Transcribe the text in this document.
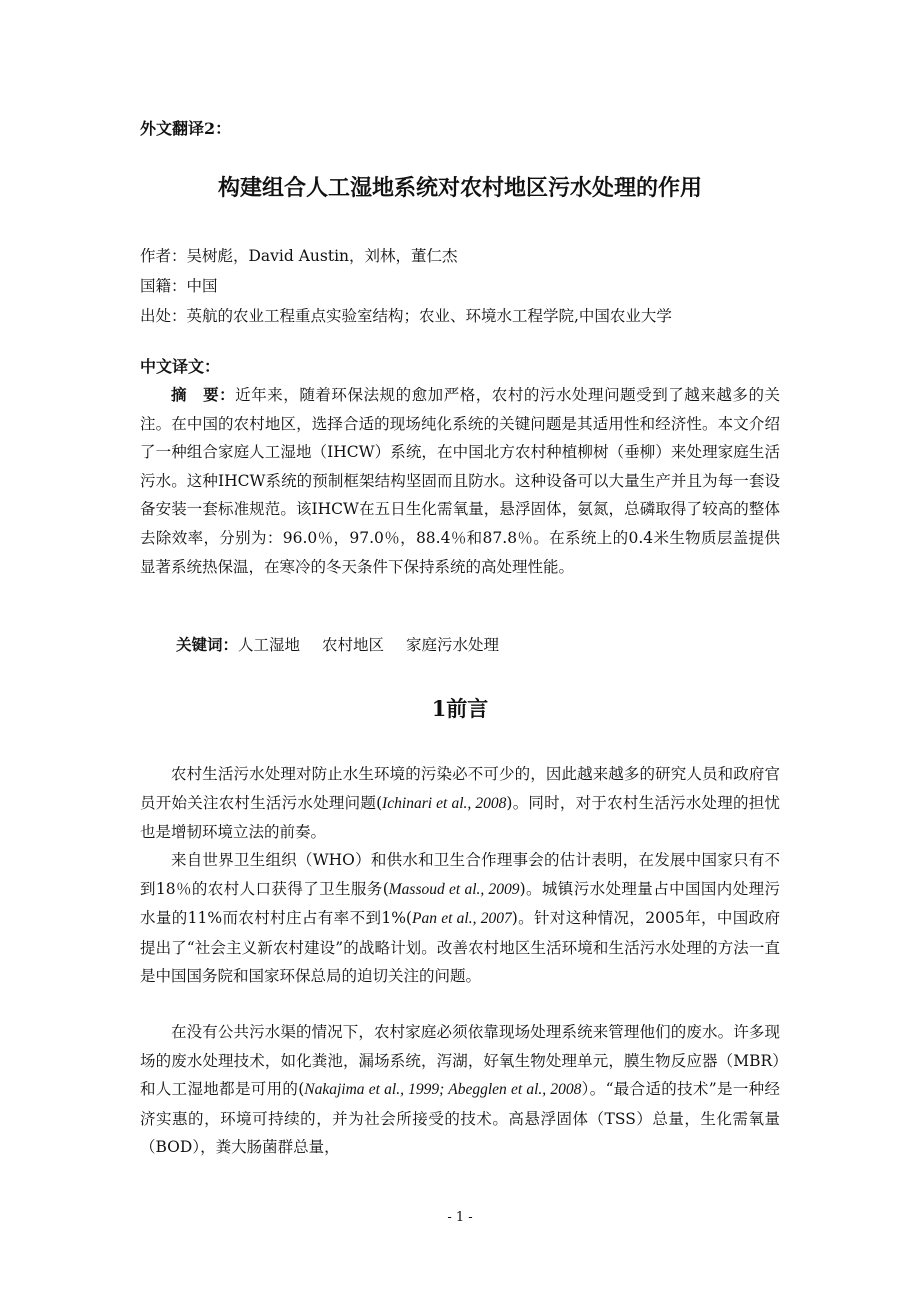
外文翻译2：
构建组合人工湿地系统对农村地区污水处理的作用
作者：吴树彪，David Austin，刘林，董仁杰
国籍：中国
出处：英航的农业工程重点实验室结构；农业、环境水工程学院,中国农业大学
中文译文：

摘　要：近年来，随着环保法规的愈加严格，农村的污水处理问题受到了越来越多的关注。在中国的农村地区，选择合适的现场纯化系统的关键问题是其适用性和经济性。本文介绍了一种组合家庭人工湿地（IHCW）系统，在中国北方农村种植柳树（垂柳）来处理家庭生活污水。这种IHCW系统的预制框架结构坚固而且防水。这种设备可以大量生产并且为每一套设备安装一套标准规范。该IHCW在五日生化需氧量，悬浮固体，氨氮，总磷取得了较高的整体去除效率，分别为：96.0％，97.0％，88.4％和87.8％。在系统上的0.4米生物质层盖提供显著系统热保温，在寒冷的冬天条件下保持系统的高处理性能。

关键词：人工湿地 农村地区 家庭污水处理
1前言

农村生活污水处理对防止水生环境的污染必不可少的，因此越来越多的研究人员和政府官员开始关注农村生活污水处理问题(Ichinari et al., 2008)。同时，对于农村生活污水处理的担忧也是增韧环境立法的前奏。

来自世界卫生组织（WHO）和供水和卫生合作理事会的估计表明，在发展中国家只有不到18％的农村人口获得了卫生服务(Massoud et al., 2009)。城镇污水处理量占中国国内处理污水量的11%而农村村庄占有率不到1%(Pan et al., 2007)。针对这种情况，2005年，中国政府提出了“社会主义新农村建设”的战略计划。改善农村地区生活环境和生活污水处理的方法一直是中国国务院和国家环保总局的迫切关注的问题。

在没有公共污水渠的情况下，农村家庭必须依靠现场处理系统来管理他们的废水。许多现场的废水处理技术，如化粪池，漏场系统，泻湖，好氧生物处理单元，膜生物反应器（MBR）和人工湿地都是可用的(Nakajima et al., 1999; Abegglen et al., 2008）。“最合适的技术”是一种经济实惠的，环境可持续的，并为社会所接受的技术。高悬浮固体（TSS）总量，生化需氧量（BOD），粪大肠菌群总量，

- 1 -
